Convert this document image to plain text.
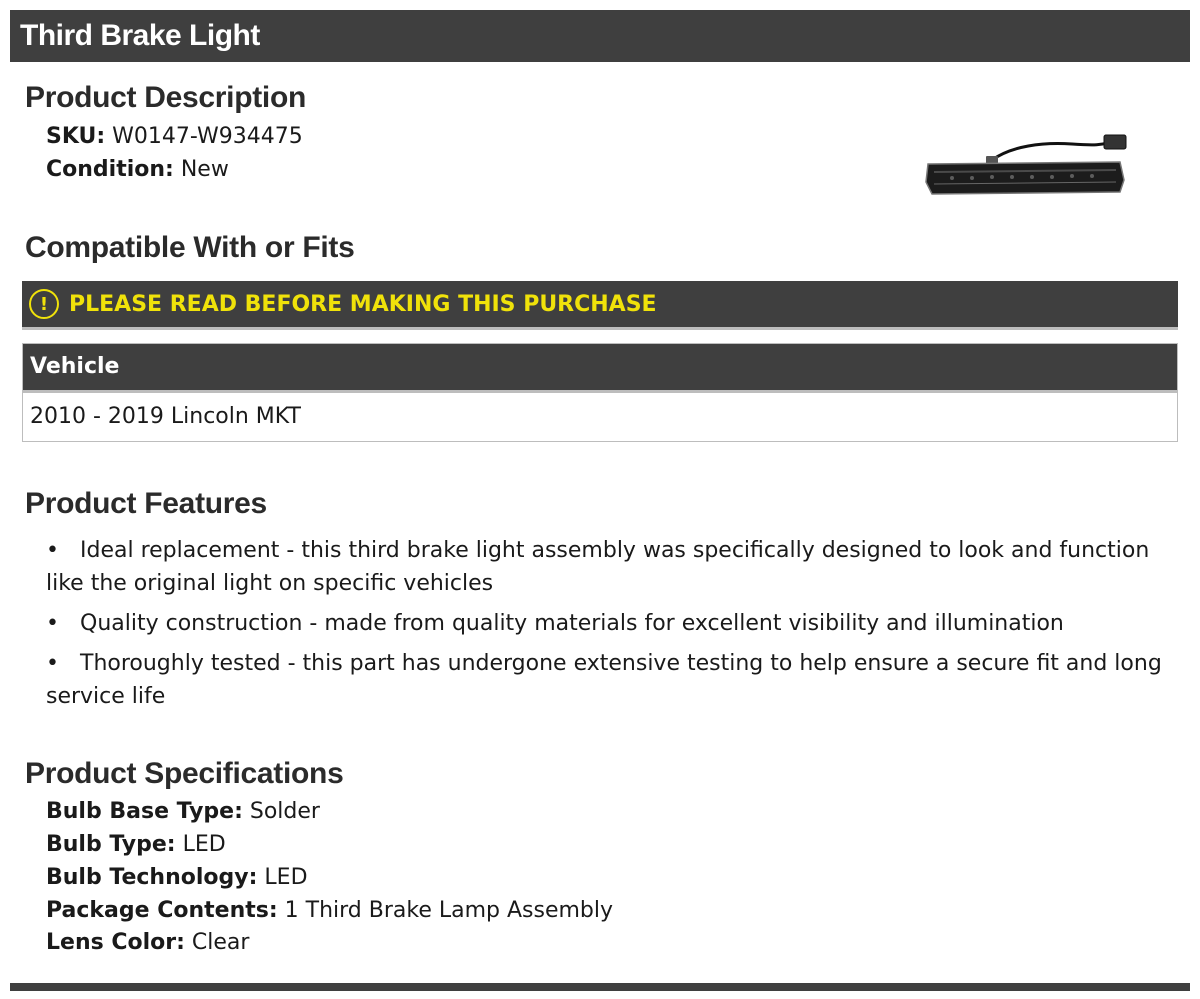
Third Brake Light
Product Description

SKU: W0147-W934475

Condition: New

Compatible With or Fits
! PLEASE READ BEFORE MAKING THIS PURCHASE
Vehicle
2010 - 2019 Lincoln MKT
Product Features
• Ideal replacement - this third brake light assembly was specifically designed to look and function like the original light on specific vehicles
• Quality construction - made from quality materials for excellent visibility and illumination
• Thoroughly tested - this part has undergone extensive testing to help ensure a secure fit and long service life
Product Specifications

Bulb Base Type: Solder

Bulb Type: LED

Bulb Technology: LED

Package Contents: 1 Third Brake Lamp Assembly

Lens Color: Clear
